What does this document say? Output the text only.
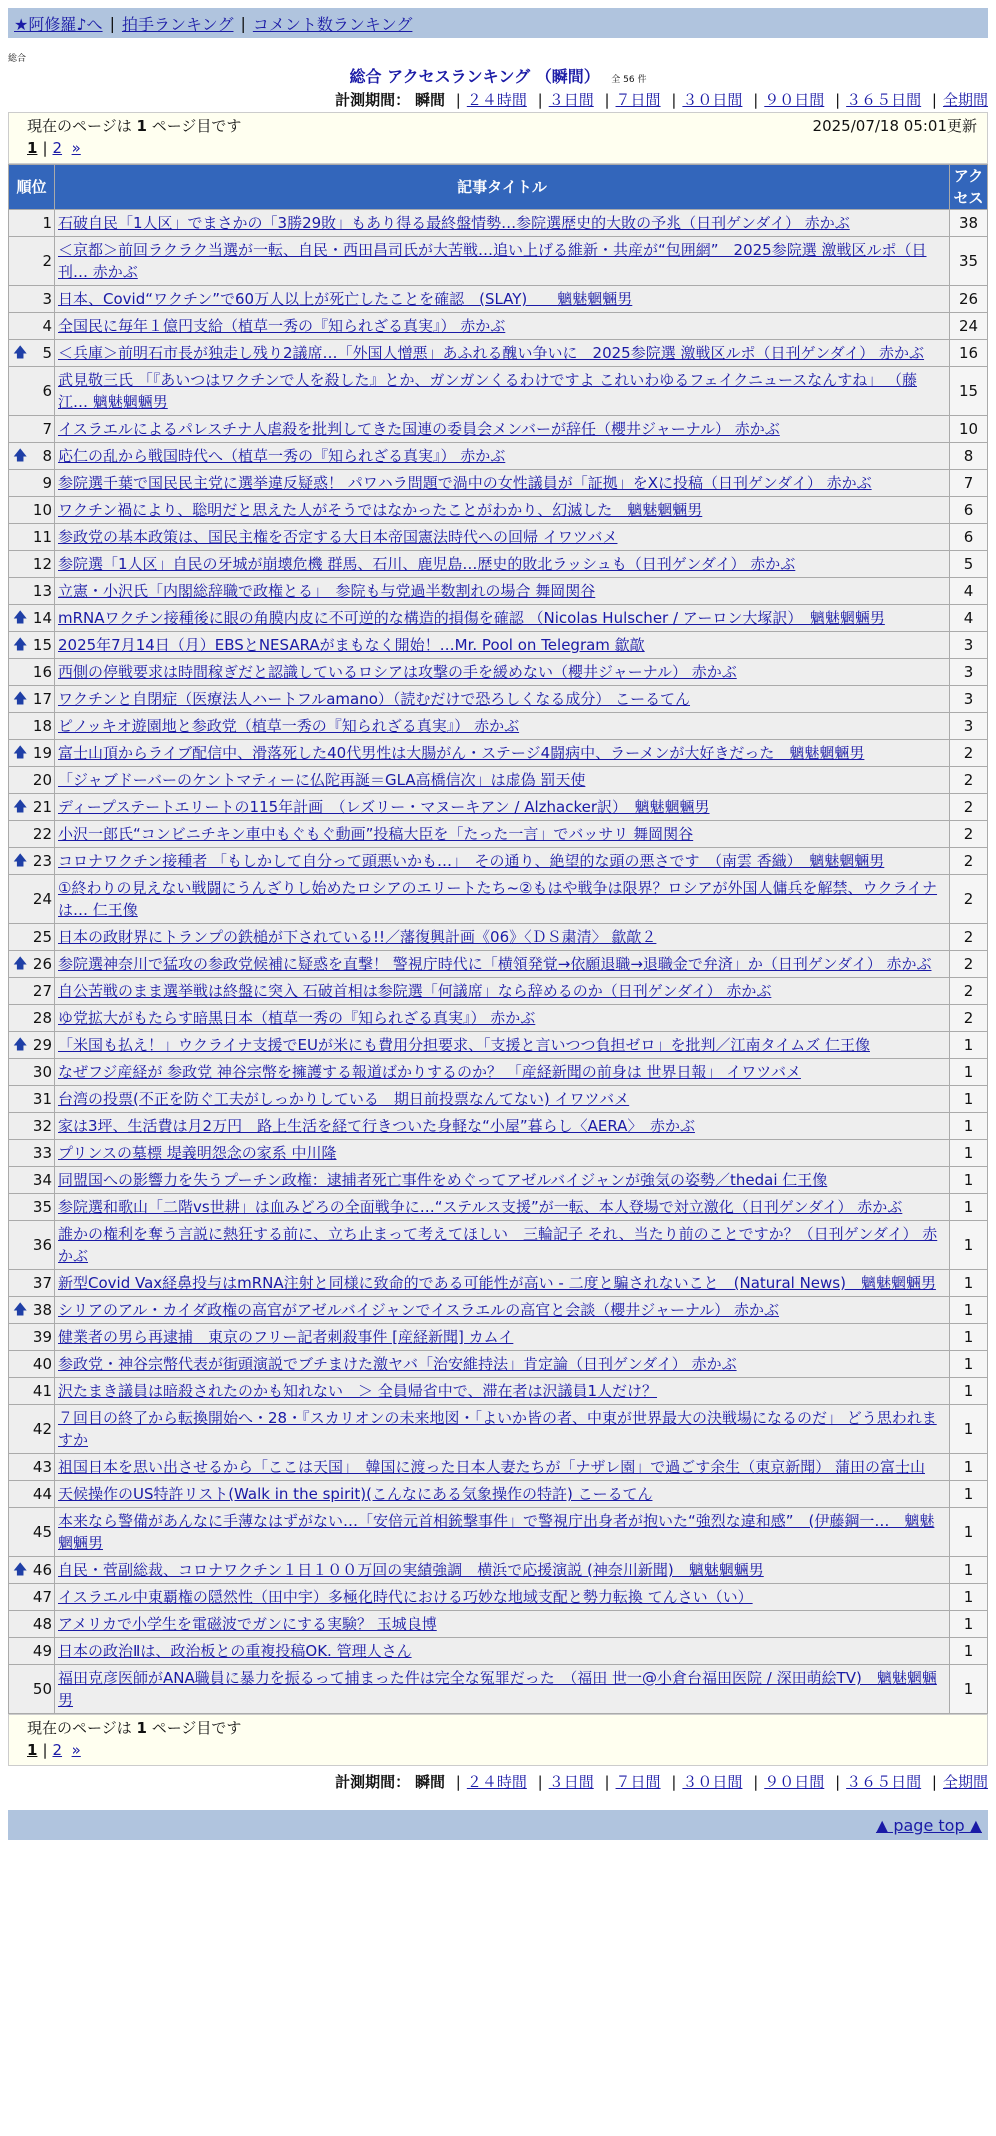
★阿修羅♪へ | 拍手ランキング | コメント数ランキング
総合
総合 アクセスランキング （瞬間） 全 56 件
計測期間： 瞬間 | ２４時間 | ３日間 | ７日間 | ３０日間 | ９０日間 | ３６５日間 | 全期間
現在のページは 1 ページ目です	2025/07/18 05:01更新
1 | 2 »
順位	記事タイトル	アクセス
1	石破自民「1人区」でまさかの「3勝29敗」もあり得る最終盤情勢…参院選歴史的大敗の予兆（日刊ゲンダイ） 赤かぶ	38
2	＜京都＞前回ラクラク当選が一転、自民・西田昌司氏が大苦戦…追い上げる維新・共産が“包囲網”　2025参院選 激戦区ルポ（日刊… 赤かぶ	35
3	日本、Covid“ワクチン”で60万人以上が死亡したことを確認　(SLAY)　　魑魅魍魎男	26
4	全国民に毎年１億円支給（植草一秀の『知られざる真実』） 赤かぶ	24

🡅 5	＜兵庫＞前明石市長が独走し残り2議席…「外国人憎悪」あふれる醜い争いに　2025参院選 激戦区ルポ（日刊ゲンダイ） 赤かぶ	16
6	武見敬三氏 「『あいつはワクチンで人を殺した』とか、ガンガンくるわけですよ これいわゆるフェイクニュースなんすね」 （藤江… 魑魅魍魎男	15
7	イスラエルによるパレスチナ人虐殺を批判してきた国連の委員会メンバーが辞任（櫻井ジャーナル） 赤かぶ	10

🡅 8	応仁の乱から戦国時代へ（植草一秀の『知られざる真実』） 赤かぶ	8
9	参院選千葉で国民民主党に選挙違反疑惑！ パワハラ問題で渦中の女性議員が「証拠」をXに投稿（日刊ゲンダイ） 赤かぶ	7
10	ワクチン禍により、聡明だと思えた人がそうではなかったことがわかり、幻滅した　魑魅魍魎男	6
11	参政党の基本政策は、国民主権を否定する大日本帝国憲法時代への回帰 イワツバメ	6
12	参院選「1人区」自民の牙城が崩壊危機 群馬、石川、鹿児島…歴史的敗北ラッシュも（日刊ゲンダイ） 赤かぶ	5
13	立憲・小沢氏「内閣総辞職で政権とる」　参院も与党過半数割れの場合 舞岡関谷	4

🡅 14	mRNAワクチン接種後に眼の角膜内皮に不可逆的な構造的損傷を確認 （Nicolas Hulscher / アーロン大塚訳）　魑魅魍魎男	4

🡅 15	2025年7月14日（月）EBSとNESARAがまもなく開始！…Mr. Pool on Telegram 歙歊	3
16	西側の停戦要求は時間稼ぎだと認識しているロシアは攻撃の手を緩めない（櫻井ジャーナル） 赤かぶ	3

🡅 17	ワクチンと自閉症（医療法人ハートフルamano）（読むだけで恐ろしくなる成分） こーるてん	3
18	ピノッキオ遊園地と参政党（植草一秀の『知られざる真実』） 赤かぶ	3

🡅 19	富士山頂からライブ配信中、滑落死した40代男性は大腸がん・ステージ4闘病中、ラーメンが大好きだった　魑魅魍魎男	2
20	「ジャブドーバーのケントマティーに仏陀再誕＝GLA高橋信次」は虚偽 罰天使	2

🡅 21	ディープステートエリートの115年計画　（レズリー・マヌーキアン / Alzhacker訳）　魑魅魍魎男	2
22	小沢一郎氏“コンビニチキン車中もぐもぐ動画”投稿大臣を「たった一言」でバッサリ 舞岡関谷	2

🡅 23	コロナワクチン接種者 「もしかして自分って頭悪いかも…」　その通り、絶望的な頭の悪さです　（南雲 香織）　魑魅魍魎男	2
24	①終わりの見えない戦闘にうんざりし始めたロシアのエリートたち~②もはや戦争は限界？ロシアが外国人傭兵を解禁、ウクライナは… 仁王像	2
25	日本の政財界にトランプの鉄槌が下されている!!／藩復興計画《06》〈ＤＳ粛清〉 歙歊２	2

🡅 26	参院選神奈川で猛攻の参政党候補に疑惑を直撃！ 警視庁時代に「横領発覚→依願退職→退職金で弁済」か（日刊ゲンダイ） 赤かぶ	2
27	自公苦戦のまま選挙戦は終盤に突入 石破首相は参院選「何議席」なら辞めるのか（日刊ゲンダイ） 赤かぶ	2
28	ゆ党拡大がもたらす暗黒日本（植草一秀の『知られざる真実』） 赤かぶ	2

🡅 29	「米国も払え！」ウクライナ支援でEUが米にも費用分担要求、「支援と言いつつ負担ゼロ」を批判／江南タイムズ 仁王像	1
30	なぜフジ産経が 参政党 神谷宗幣を擁護する報道ばかりするのか？ 「産経新聞の前身は 世界日報」 イワツバメ	1
31	台湾の投票(不正を防ぐ工夫がしっかりしている　期日前投票なんてない) イワツバメ	1
32	家は3坪、生活費は月2万円　路上生活を経て行きついた身軽な“小屋”暮らし〈AERA〉　赤かぶ	1
33	プリンスの墓標 堤義明怨念の家系 中川隆	1
34	同盟国への影響力を失うプーチン政権：逮捕者死亡事件をめぐってアゼルバイジャンが強気の姿勢／thedai 仁王像	1
35	参院選和歌山「二階vs世耕」は血みどろの全面戦争に…“ステルス支援”が一転、本人登場で対立激化（日刊ゲンダイ） 赤かぶ	1
36	誰かの権利を奪う言説に熱狂する前に、立ち止まって考えてほしい　三輪記子 それ、当たり前のことですか？（日刊ゲンダイ） 赤かぶ	1
37	新型Covid Vax経鼻投与はmRNA注射と同様に致命的である可能性が高い - 二度と騙されないこと　(Natural News)　魑魅魍魎男	1

🡅 38	シリアのアル・カイダ政権の高官がアゼルバイジャンでイスラエルの高官と会談（櫻井ジャーナル） 赤かぶ	1
39	健業者の男ら再逮捕　東京のフリー記者刺殺事件 [産経新聞] カムイ	1
40	参政党・神谷宗幣代表が街頭演説でブチまけた激ヤバ「治安維持法」肯定論（日刊ゲンダイ） 赤かぶ	1
41	沢たまき議員は暗殺されたのかも知れない　＞ 全員帰省中で、滞在者は沢議員1人だけ？	1
42	７回目の終了から転換開始へ・28・『スカリオンの未来地図・「よいか皆の者、中東が世界最大の決戦場になるのだ」 どう思われますか	1
43	祖国日本を思い出させるから「ここは天国」　韓国に渡った日本人妻たちが「ナザレ園」で過ごす余生（東京新聞） 蒲田の富士山	1
44	天候操作のUS特許リスト(Walk in the spirit)(こんなにある気象操作の特許) こーるてん	1
45	本来なら警備があんなに手薄なはずがない…「安倍元首相銃撃事件」で警視庁出身者が抱いた“強烈な違和感”　(伊藤鋼一…　魑魅魍魎男	1

🡅 46	自民・菅副総裁、コロナワクチン１日１００万回の実績強調　横浜で応援演説 (神奈川新聞)　魑魅魍魎男	1
47	イスラエル中東覇権の隠然性（田中宇）多極化時代における巧妙な地域支配と勢力転換 てんさい（い）	1
48	アメリカで小学生を電磁波でガンにする実験？ 玉城良博	1
49	日本の政治Ⅱは、政治板との重複投稿OK. 管理人さん	1
50	福田克彦医師がANA職員に暴力を振るって捕まった件は完全な冤罪だった　（福田 世一@小倉台福田医院 / 深田萌絵TV)　魑魅魍魎男	1
現在のページは 1 ページ目です
1 | 2 »
計測期間： 瞬間 | ２４時間 | ３日間 | ７日間 | ３０日間 | ９０日間 | ３６５日間 | 全期間
▲ page top ▲
